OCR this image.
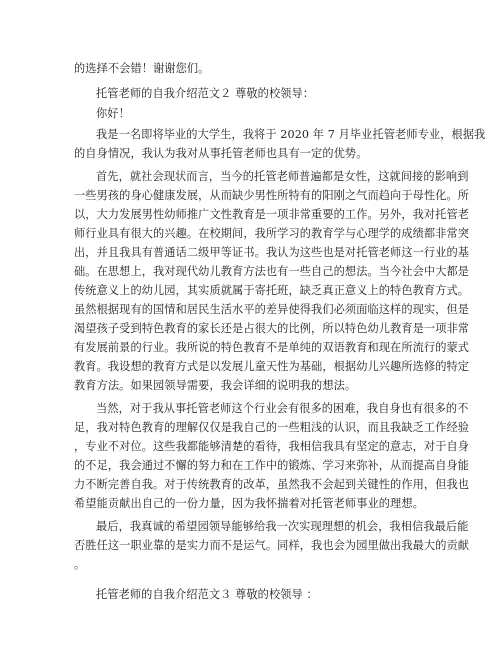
的选择不会错！谢谢您们。
托管老师的自我介绍范文２ 尊敬的校领导：
你好！
我是一名即将毕业的大学生，我将于 2020 年 7 月毕业托管老师专业，根据我
的自身情况，我认为我对从事托管老师也具有一定的优势。
首先，就社会现状而言，当今的托管老师普遍都是女性，这就间接的影响到
一些男孩的身心健康发展，从而缺少男性所特有的阳刚之气而趋向于母性化。所
以，大力发展男性幼师推广文性教育是一项非常重要的工作。另外，我对托管老
师行业具有很大的兴趣。在校期间，我所学习的教育学与心理学的成绩都非常突
出，并且我具有普通话二级甲等证书。我认为这些也是对托管老师这一行业的基
础。在思想上，我对现代幼儿教育方法也有一些自己的想法。当今社会中大都是
传统意义上的幼儿园，其实质就属于寄托班，缺乏真正意义上的特色教育方式。
虽然根据现有的国情和居民生活水平的差异使得我们必须面临这样的现实，但是
渴望孩子受到特色教育的家长还是占很大的比例，所以特色幼儿教育是一项非常
有发展前景的行业。我所说的特色教育不是单纯的双语教育和现在所流行的蒙式
教育。我设想的教育方式是以发展儿童天性为基础，根据幼儿兴趣所选修的特定
教育方法。如果园领导需要，我会详细的说明我的想法。
当然，对于我从事托管老师这个行业会有很多的困难，我自身也有很多的不
足，我对特色教育的理解仅仅是我自己的一些粗浅的认识，而且我缺乏工作经验
，专业不对位。这些我都能够清楚的看待，我相信我具有坚定的意志，对于自身
的不足，我会通过不懈的努力和在工作中的锻炼、学习来弥补，从而提高自身能
力不断完善自我。对于传统教育的改革，虽然我不会起到关键性的作用，但我也
希望能贡献出自己的一份力量，因为我怀揣着对托管老师事业的理想。
最后，我真诚的希望园领导能够给我一次实现理想的机会，我相信我最后能
否胜任这一职业靠的是实力而不是运气。同样，我也会为园里做出我最大的贡献
。
托管老师的自我介绍范文３ 尊敬的校领导 ：
